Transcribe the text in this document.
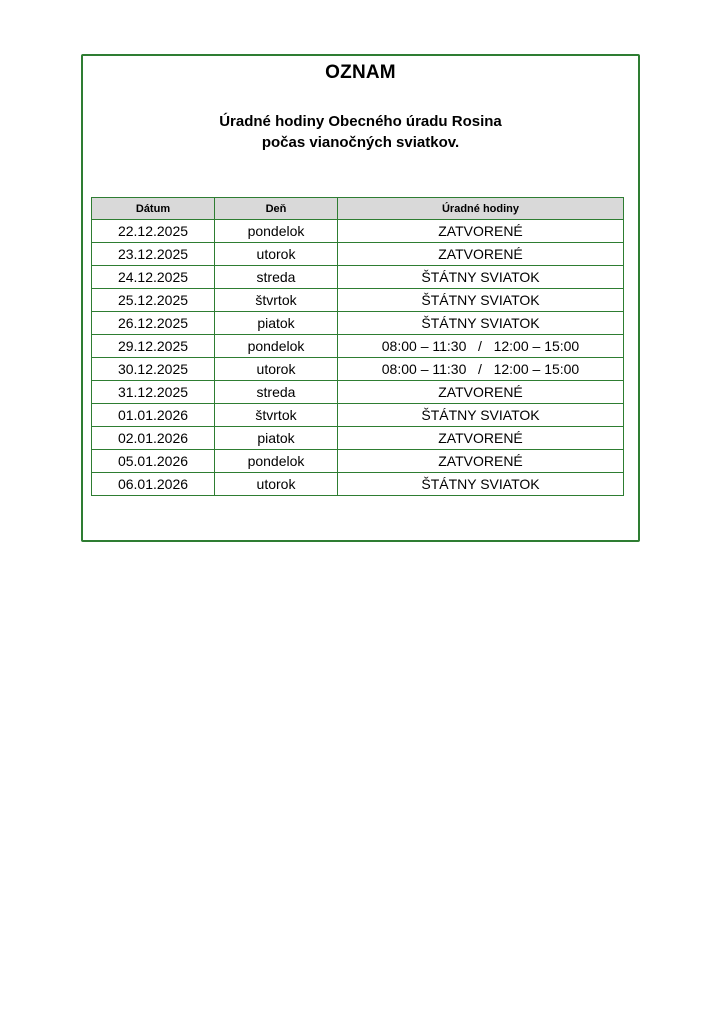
OZNAM
Úradné hodiny Obecného úradu Rosina
počas vianočných sviatkov.
Dátum	Deň	Úradné hodiny
22.12.2025	pondelok	ZATVORENÉ
23.12.2025	utorok	ZATVORENÉ
24.12.2025	streda	ŠTÁTNY SVIATOK
25.12.2025	štvrtok	ŠTÁTNY SVIATOK
26.12.2025	piatok	ŠTÁTNY SVIATOK
29.12.2025	pondelok	08:00 – 11:30   /   12:00 – 15:00
30.12.2025	utorok	08:00 – 11:30   /   12:00 – 15:00
31.12.2025	streda	ZATVORENÉ
01.01.2026	štvrtok	ŠTÁTNY SVIATOK
02.01.2026	piatok	ZATVORENÉ
05.01.2026	pondelok	ZATVORENÉ
06.01.2026	utorok	ŠTÁTNY SVIATOK
